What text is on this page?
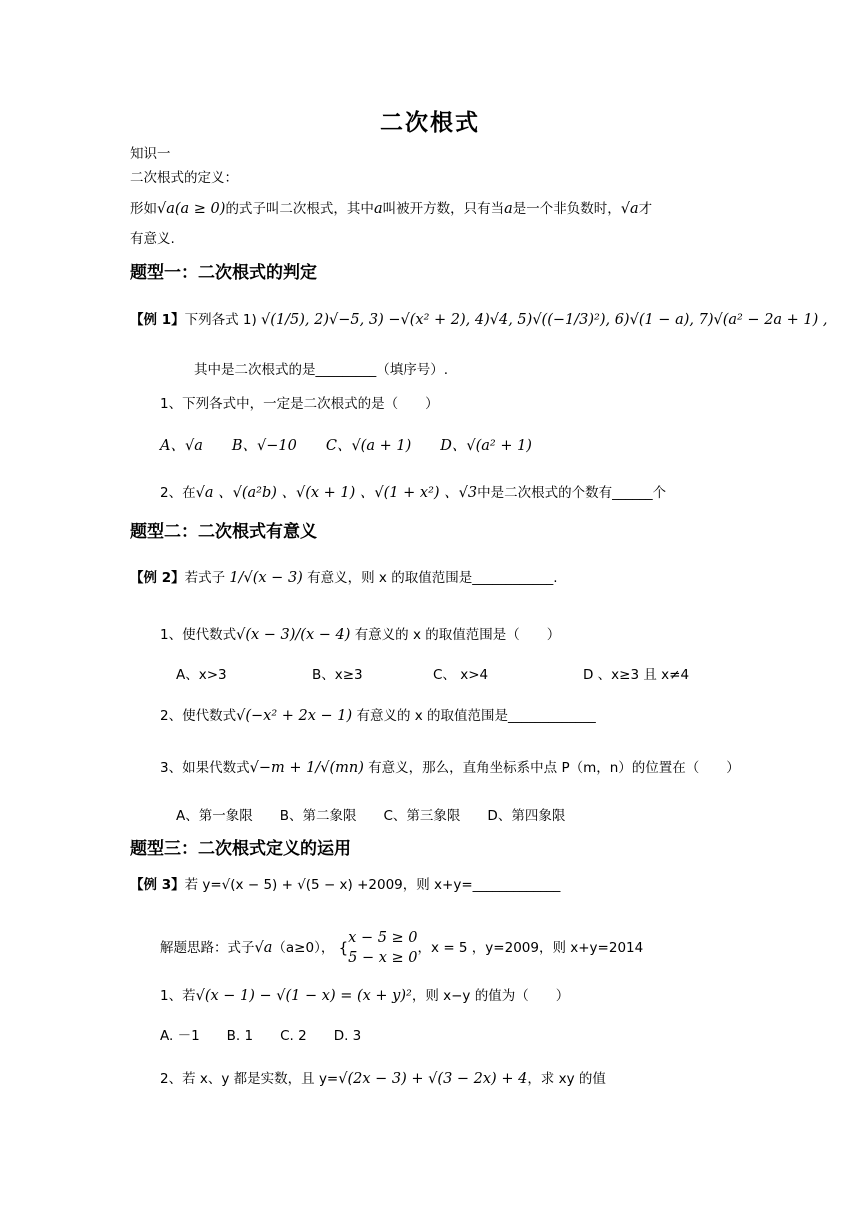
二次根式
知识一
二次根式的定义：
形如√a(a ≥ 0)的式子叫二次根式，其中a叫被开方数，只有当a是一个非负数时，√a才
有意义.
题型一：二次根式的判定
【例 1】下列各式 1) √(1/5), 2)√−5, 3) −√(x² + 2), 4)√4, 5)√((−1/3)²), 6)√(1 − a), 7)√(a² − 2a + 1) ,
其中是二次根式的是_________（填序号）.
1、下列各式中，一定是二次根式的是（　　）
A、√a　　B、√−10　　C、√(a + 1)　　D、√(a² + 1)
2、在√a 、√(a²b) 、√(x + 1) 、√(1 + x²) 、√3中是二次根式的个数有______个
题型二：二次根式有意义
【例 2】若式子 1/√(x − 3) 有意义，则 x 的取值范围是____________.
1、使代数式√(x − 3)/(x − 4) 有意义的 x 的取值范围是（　　）
A、x>3	B、x≥3	C、 x>4	D 、x≥3 且 x≠4
2、使代数式√(−x² + 2x − 1) 有意义的 x 的取值范围是_____________
3、如果代数式√−m + 1/√(mn) 有意义，那么，直角坐标系中点 P（m，n）的位置在（　　）
A、第一象限　　B、第二象限　　C、第三象限　　D、第四象限
题型三：二次根式定义的运用
【例 3】若 y=√(x − 5) + √(5 − x) +2009，则 x+y=_____________
解题思路：式子√a（a≥0）， {
x − 5 ≥ 0
5 − x ≥ 0
，x = 5 ，y=2009，则 x+y=2014
1、若√(x − 1) − √(1 − x) = (x + y)²，则 x−y 的值为（　　）
A. －1　　B. 1　　C. 2　　D. 3
2、若 x、y 都是实数，且 y=√(2x − 3) + √(3 − 2x) + 4，求 xy 的值
